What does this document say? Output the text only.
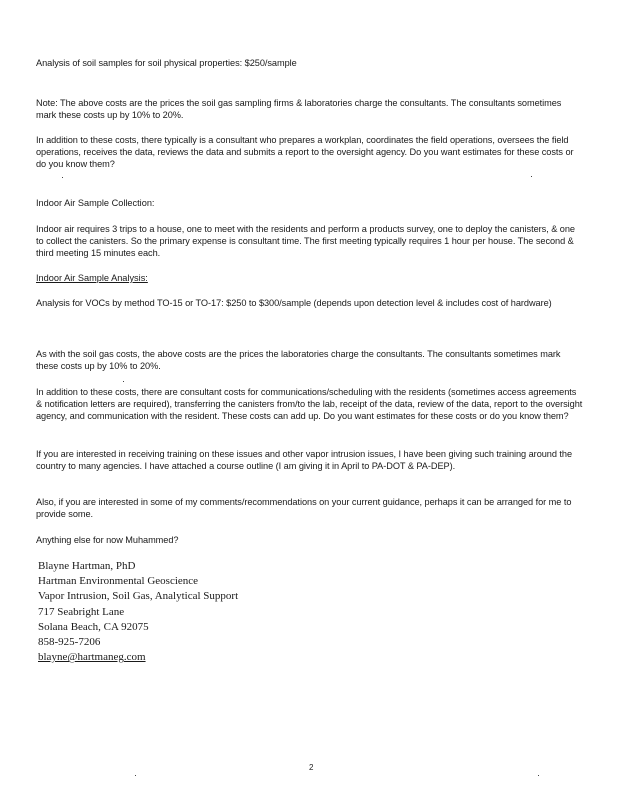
Analysis of soil samples for soil physical properties: $250/sample

Note: The above costs are the prices the soil gas sampling firms & laboratories charge the consultants. The consultants sometimes mark these costs up by 10% to 20%.

In addition to these costs, there typically is a consultant who prepares a workplan, coordinates the field operations, oversees the field operations, receives the data, reviews the data and submits a report to the oversight agency. Do you want estimates for these costs or do you know them?

Indoor Air Sample Collection:

Indoor air requires 3 trips to a house, one to meet with the residents and perform a products survey, one to deploy the canisters, & one to collect the canisters. So the primary expense is consultant time. The first meeting typically requires 1 hour per house. The second & third meeting 15 minutes each.

Indoor Air Sample Analysis:

Analysis for VOCs by method TO-15 or TO-17: $250 to $300/sample (depends upon detection level & includes cost of hardware)

As with the soil gas costs, the above costs are the prices the laboratories charge the consultants. The consultants sometimes mark these costs up by 10% to 20%.

In addition to these costs, there are consultant costs for communications/scheduling with the residents (sometimes access agreements & notification letters are required), transferring the canisters from/to the lab, receipt of the data, review of the data, report to the oversight agency, and communication with the resident. These costs can add up. Do you want estimates for these costs or do you know them?

If you are interested in receiving training on these issues and other vapor intrusion issues, I have been giving such training around the country to many agencies. I have attached a course outline (I am giving it in April to PA-DOT & PA-DEP).

Also, if you are interested in some of my comments/recommendations on your current guidance, perhaps it can be arranged for me to provide some.

Anything else for now Muhammed?

Blayne Hartman, PhD
Hartman Environmental Geoscience
Vapor Intrusion, Soil Gas, Analytical Support
717 Seabright Lane
Solana Beach, CA 92075
858-925-7206
blayne@hartmaneg.com
2
